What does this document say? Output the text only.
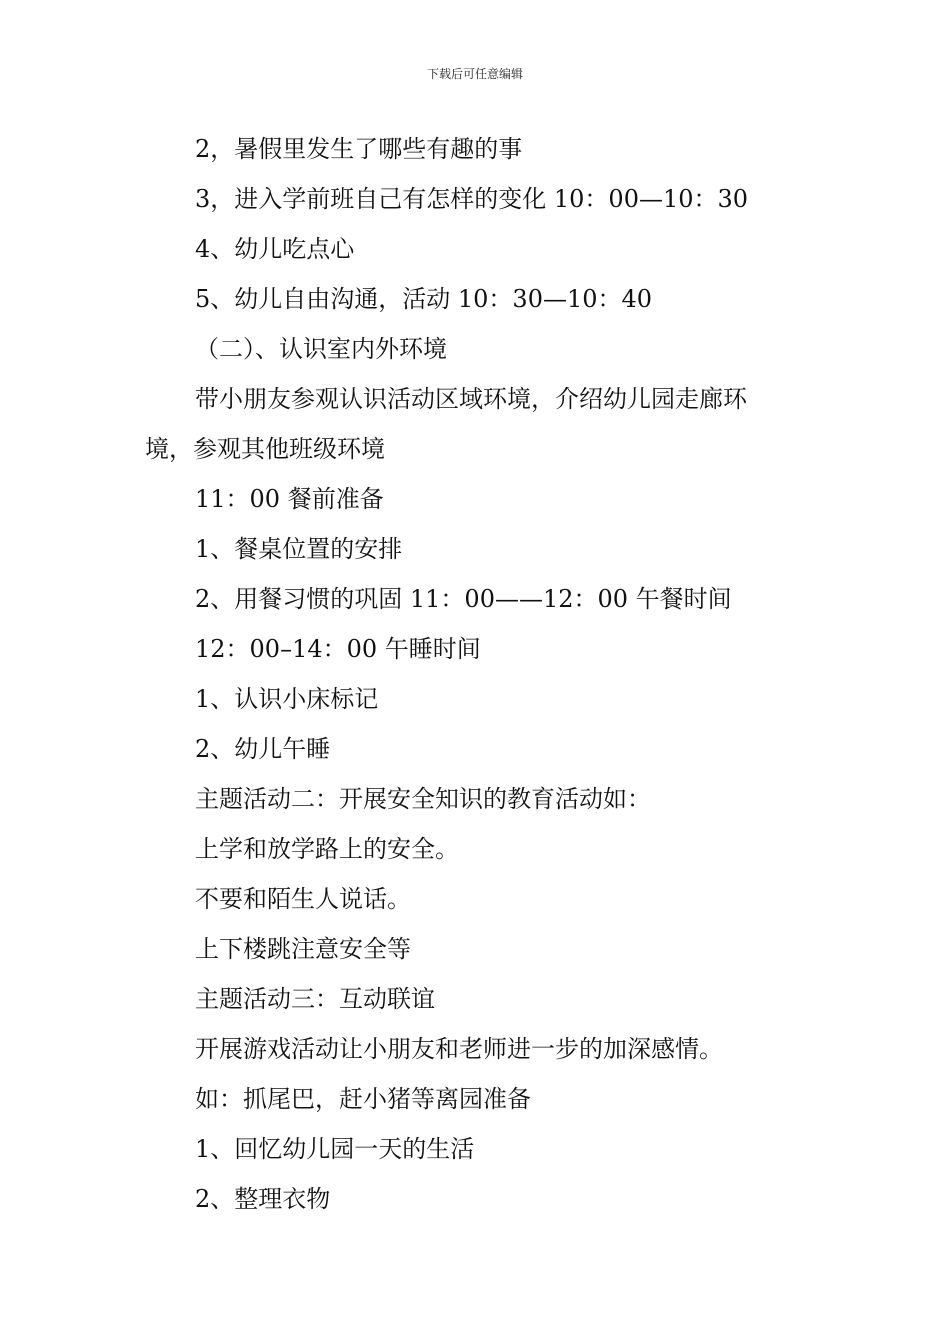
下载后可任意编辑
2，暑假里发生了哪些有趣的事
3，进入学前班自己有怎样的变化 10：00—10：30
4、幼儿吃点心
5、幼儿自由沟通，活动 10：30—10：40
（二）、认识室内外环境
带小朋友参观认识活动区域环境，介绍幼儿园走廊环
境，参观其他班级环境
11：00 餐前准备
1、餐桌位置的安排
2、用餐习惯的巩固 11：00——12：00 午餐时间
12：00–14：00 午睡时间
1、认识小床标记
2、幼儿午睡
主题活动二：开展安全知识的教育活动如：
上学和放学路上的安全。
不要和陌生人说话。
上下楼跳注意安全等
主题活动三：互动联谊
开展游戏活动让小朋友和老师进一步的加深感情。
如：抓尾巴，赶小猪等离园准备
1、回忆幼儿园一天的生活
2、整理衣物
